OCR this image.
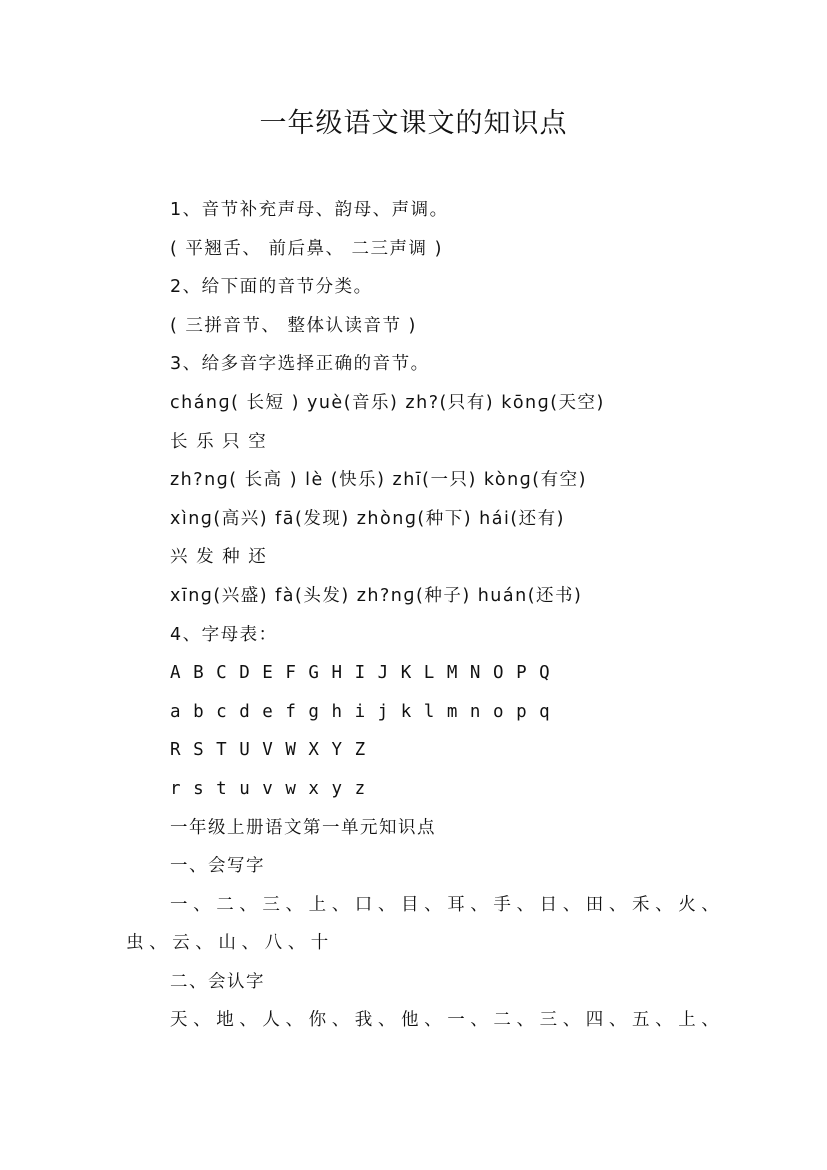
一年级语文课文的知识点
1、音节补充声母、韵母、声调。
( 平翘舌、 前后鼻、 二三声调 )
2、给下面的音节分类。
( 三拼音节、 整体认读音节 )
3、给多音字选择正确的音节。
chánɡ( 长短 ) yuè(音乐) zh?(只有) kōnɡ(天空)
长 乐 只 空
zh?nɡ( 长高 ) lè (快乐) zhī(一只) kònɡ(有空)
xìnɡ(高兴) fā(发现) zhònɡ(种下) hái(还有)
兴 发 种 还
xīnɡ(兴盛) fà(头发) zh?nɡ(种子) huán(还书)
4、字母表：
A B C D E F G H I J K L M N O P Q
a b c d e f g h i j k l m n o p q
R S T U V W X Y Z
r s t u v w x y z
一年级上册语文第一单元知识点
一、会写字
一、二、三、上、口、目、耳、手、日、田、禾、火、虫、云、山、八、十
二、会认字
天、地、人、你、我、他、一、二、三、四、五、上、
